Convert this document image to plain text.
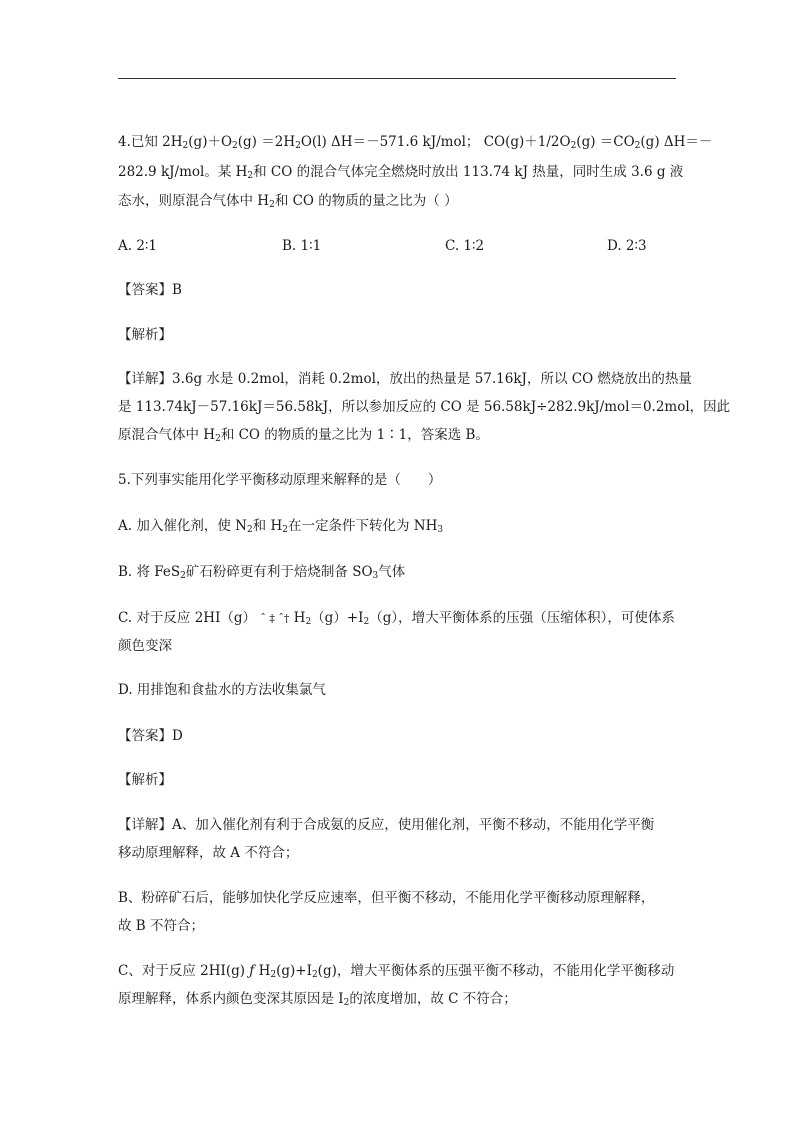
4.已知 $2H_2(g)+O_2(g) =2H_2O(l)$ ΔH＝－571.6 kJ/mol； $CO(g)+1/2O_2(g) =CO_2(g)$ ΔH＝－
282.9 kJ/mol。某 $H_2$和 CO 的混合气体完全燃烧时放出 113.74 kJ 热量，同时生成 3.6 g 液
态水，则原混合气体中 $H_2$和 CO 的物质的量之比为（ ）
A. 2∶1	B. 1∶1	C. 1∶2	D. 2∶3
【答案】B
【解析】
【详解】3.6g 水是 0.2mol，消耗 0.2mol，放出的热量是 57.16kJ，所以 CO 燃烧放出的热量
是 113.74kJ－57.16kJ＝56.58kJ，所以参加反应的 CO 是 56.58kJ÷282.9kJ/mol＝0.2mol，因此
原混合气体中 $H_2$和 CO 的物质的量之比为 1∶1，答案选 B。
5.下列事实能用化学平衡移动原理来解释的是（　　）
A. 加入催化剂，使 $N_2$和 $H_2$在一定条件下转化为 $NH_3$
B. 将 FeS$_2$矿石粉碎更有利于焙烧制备 $SO_3$气体
C. 对于反应 2HI（g） ˆ ‡ ˆ† $H_2(g)+I_2(g)$，增大平衡体系的压强（压缩体积），可使体系
颜色变深
D. 用排饱和食盐水的方法收集氯气
【答案】D
【解析】
【详解】A、加入催化剂有利于合成氨的反应，使用催化剂，平衡不移动，不能用化学平衡
移动原理解释，故 A 不符合；
B、粉碎矿石后，能够加快化学反应速率，但平衡不移动，不能用化学平衡移动原理解释，
故 B 不符合；
C、对于反应 2HI(g) ƒ $H_2(g)+I_2(g)$，增大平衡体系的压强平衡不移动，不能用化学平衡移动
原理解释，体系内颜色变深其原因是 $I_2$的浓度增加，故 C 不符合；
